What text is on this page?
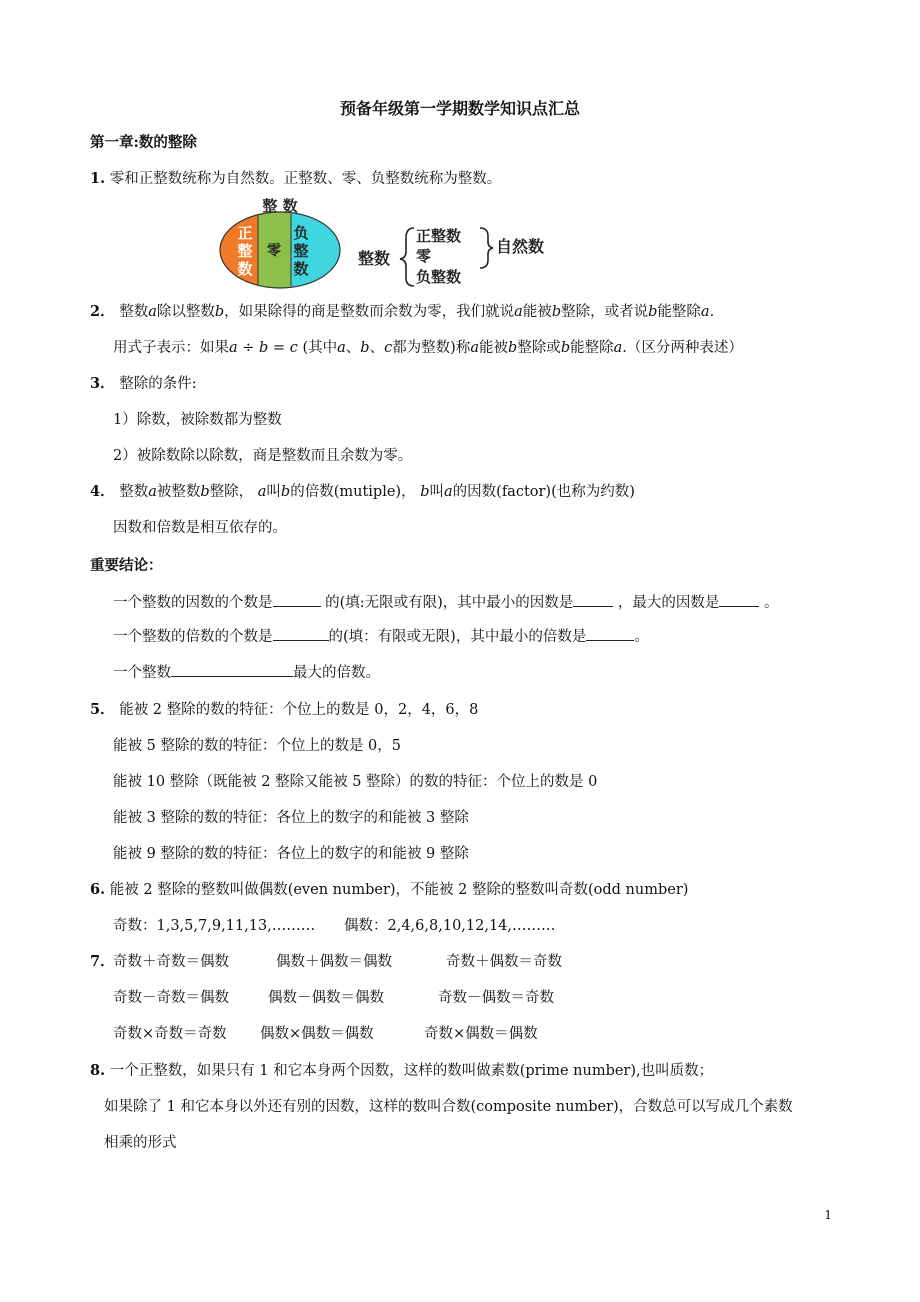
预备年级第一学期数学知识点汇总
第一章:数的整除
1. 零和正整数统称为自然数。正整数、零、负整数统称为整数。
整 数
正
整
数
零
负
整
数
整数
正整数
零
负整数
自然数
2． 整数a除以整数b，如果除得的商是整数而余数为零，我们就说a能被b整除，或者说b能整除a.
用式子表示：如果a ÷ b = c (其中a、b、c都为整数)称a能被b整除或b能整除a.（区分两种表述）
3． 整除的条件:
1）除数，被除数都为整数
2）被除数除以除数，商是整数而且余数为零。
4． 整数a被整数b整除， a叫b的倍数(mutiple)， b叫a的因数(factor)(也称为约数)
因数和倍数是相互依存的。
重要结论：
一个整数的因数的个数是	的(填:无限或有限)，其中最小的因数是	，最大的因数是	。
一个整数的倍数的个数是	的(填：有限或无限)，其中最小的倍数是	。
一个整数	最大的倍数。
5． 能被 2 整除的数的特征：个位上的数是 0，2，4，6，8
能被 5 整除的数的特征：个位上的数是 0，5
能被 10 整除（既能被 2 整除又能被 5 整除）的数的特征：个位上的数是 0
能被 3 整除的数的特征：各位上的数字的和能被 3 整除
能被 9 整除的数的特征：各位上的数字的和能被 9 整除
6. 能被 2 整除的整数叫做偶数(even number)，不能被 2 整除的整数叫奇数(odd number)
奇数：1,3,5,7,9,11,13,……… 偶数：2,4,6,8,10,12,14,………
7．
奇数＋奇数＝偶数	偶数＋偶数＝偶数	奇数＋偶数＝奇数
奇数－奇数＝偶数	偶数－偶数＝偶数	奇数－偶数＝奇数
奇数×奇数＝奇数 偶数×偶数＝偶数	奇数×偶数＝偶数
8. 一个正整数，如果只有 1 和它本身两个因数，这样的数叫做素数(prime number),也叫质数；
如果除了 1 和它本身以外还有别的因数，这样的数叫合数(composite number)，合数总可以写成几个素数
相乘的形式
1
